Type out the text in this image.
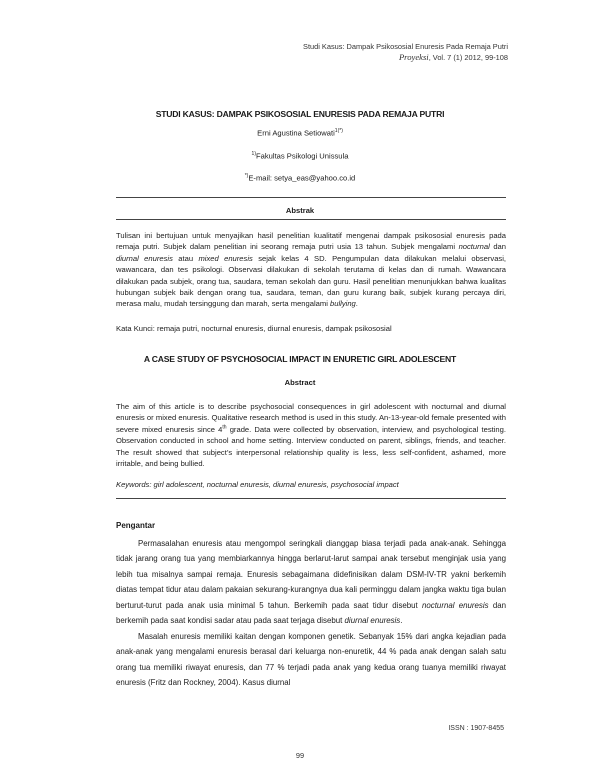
Studi Kasus: Dampak Psikososial Enuresis Pada Remaja Putri
Proyeksi, Vol. 7 (1) 2012, 99-108
STUDI KASUS: DAMPAK PSIKOSOSIAL ENURESIS PADA REMAJA PUTRI
Erni Agustina Setiowati$^{1(*)}$
$^{1)}$Fakultas Psikologi Unissula
*)E-mail: setya_eas@yahoo.co.id
Abstrak
Tulisan ini bertujuan untuk menyajikan hasil penelitian kualitatif mengenai dampak psikososial enuresis pada remaja putri. Subjek dalam penelitian ini seorang remaja putri usia 13 tahun. Subjek mengalami nocturnal dan diurnal enuresis atau mixed enuresis sejak kelas 4 SD. Pengumpulan data dilakukan melalui observasi, wawancara, dan tes psikologi. Observasi dilakukan di sekolah terutama di kelas dan di rumah. Wawancara dilakukan pada subjek, orang tua, saudara, teman sekolah dan guru. Hasil penelitian menunjukkan bahwa kualitas hubungan subjek baik dengan orang tua, saudara, teman, dan guru kurang baik, subjek kurang percaya diri, merasa malu, mudah tersinggung dan marah, serta mengalami bullying.
Kata Kunci: remaja putri, nocturnal enuresis, diurnal enuresis, dampak psikososial
A CASE STUDY OF PSYCHOSOCIAL IMPACT IN ENURETIC GIRL ADOLESCENT
Abstract
The aim of this article is to describe psychosocial consequences in girl adolescent with nocturnal and diurnal enuresis or mixed enuresis. Qualitative research method is used in this study. An-13-year-old female presented with severe mixed enuresis since 4th grade. Data were collected by observation, interview, and psychological testing. Observation conducted in school and home setting. Interview conducted on parent, siblings, friends, and teacher. The result showed that subject’s interpersonal relationship quality is less, less self-confident, ashamed, more irritable, and being bullied.
Keywords: girl adolescent, nocturnal enuresis, diurnal enuresis, psychosocial impact
Pengantar
Permasalahan enuresis atau mengompol seringkali dianggap biasa terjadi pada anak-anak. Sehingga tidak jarang orang tua yang membiarkannya hingga berlarut-larut sampai anak tersebut menginjak usia yang lebih tua misalnya sampai remaja. Enuresis sebagaimana didefinisikan dalam DSM-IV-TR yakni berkemih diatas tempat tidur atau dalam pakaian sekurang-kurangnya dua kali perminggu dalam jangka waktu tiga bulan berturut-turut pada anak usia minimal 5 tahun. Berkemih pada saat tidur disebut nocturnal enuresis dan berkemih pada saat kondisi sadar atau pada saat terjaga disebut diurnal enuresis.
Masalah enuresis memiliki kaitan dengan komponen genetik. Sebanyak 15% dari angka kejadian pada anak-anak yang mengalami enuresis berasal dari keluarga non-enuretik, 44 % pada anak dengan salah satu orang tua memiliki riwayat enuresis, dan 77 % terjadi pada anak yang kedua orang tuanya memiliki riwayat enuresis (Fritz dan Rockney, 2004). Kasus diurnal
ISSN : 1907-8455
99
